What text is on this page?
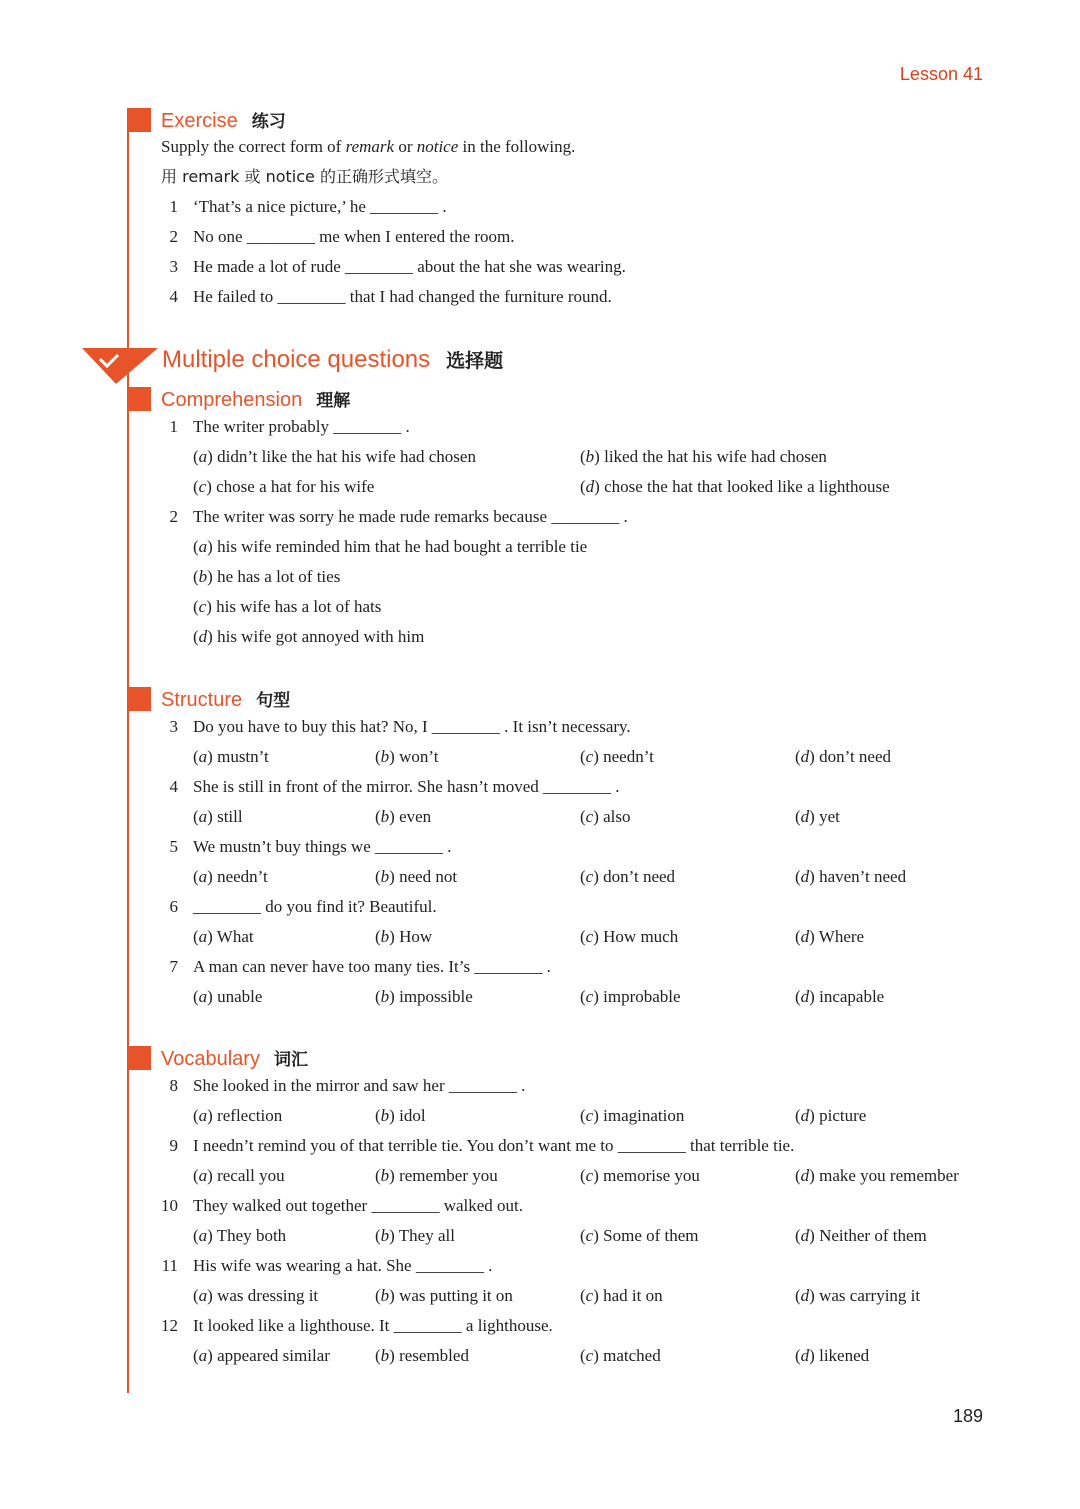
Lesson 41
Exercise 练习
Supply the correct form of remark or notice in the following.
用 remark 或 notice 的正确形式填空。
1 ‘That’s a nice picture,’ he ________ .
2 No one ________ me when I entered the room.
3 He made a lot of rude ________ about the hat she was wearing.
4 He failed to ________ that I had changed the furniture round.
Multiple choice questions 选择题
Comprehension 理解
1 The writer probably ________ .
(a) didn’t like the hat his wife had chosen	(b) liked the hat his wife had chosen
(c) chose a hat for his wife	(d) chose the hat that looked like a lighthouse
2 The writer was sorry he made rude remarks because ________ .
(a) his wife reminded him that he had bought a terrible tie
(b) he has a lot of ties
(c) his wife has a lot of hats
(d) his wife got annoyed with him
Structure 句型
3 Do you have to buy this hat? No, I ________ . It isn’t necessary.
(a) mustn’t	(b) won’t	(c) needn’t	(d) don’t need
4 She is still in front of the mirror. She hasn’t moved ________ .
(a) still	(b) even	(c) also	(d) yet
5 We mustn’t buy things we ________ .
(a) needn’t	(b) need not	(c) don’t need	(d) haven’t need
6 ________ do you find it? Beautiful.
(a) What	(b) How	(c) How much	(d) Where
7 A man can never have too many ties. It’s ________ .
(a) unable	(b) impossible	(c) improbable	(d) incapable
Vocabulary 词汇
8 She looked in the mirror and saw her ________ .
(a) reflection	(b) idol	(c) imagination	(d) picture
9 I needn’t remind you of that terrible tie. You don’t want me to ________ that terrible tie.
(a) recall you	(b) remember you	(c) memorise you	(d) make you remember
10 They walked out together ________ walked out.
(a) They both	(b) They all	(c) Some of them	(d) Neither of them
11 His wife was wearing a hat. She ________ .
(a) was dressing it	(b) was putting it on	(c) had it on	(d) was carrying it
12 It looked like a lighthouse. It ________ a lighthouse.
(a) appeared similar	(b) resembled	(c) matched	(d) likened
189
